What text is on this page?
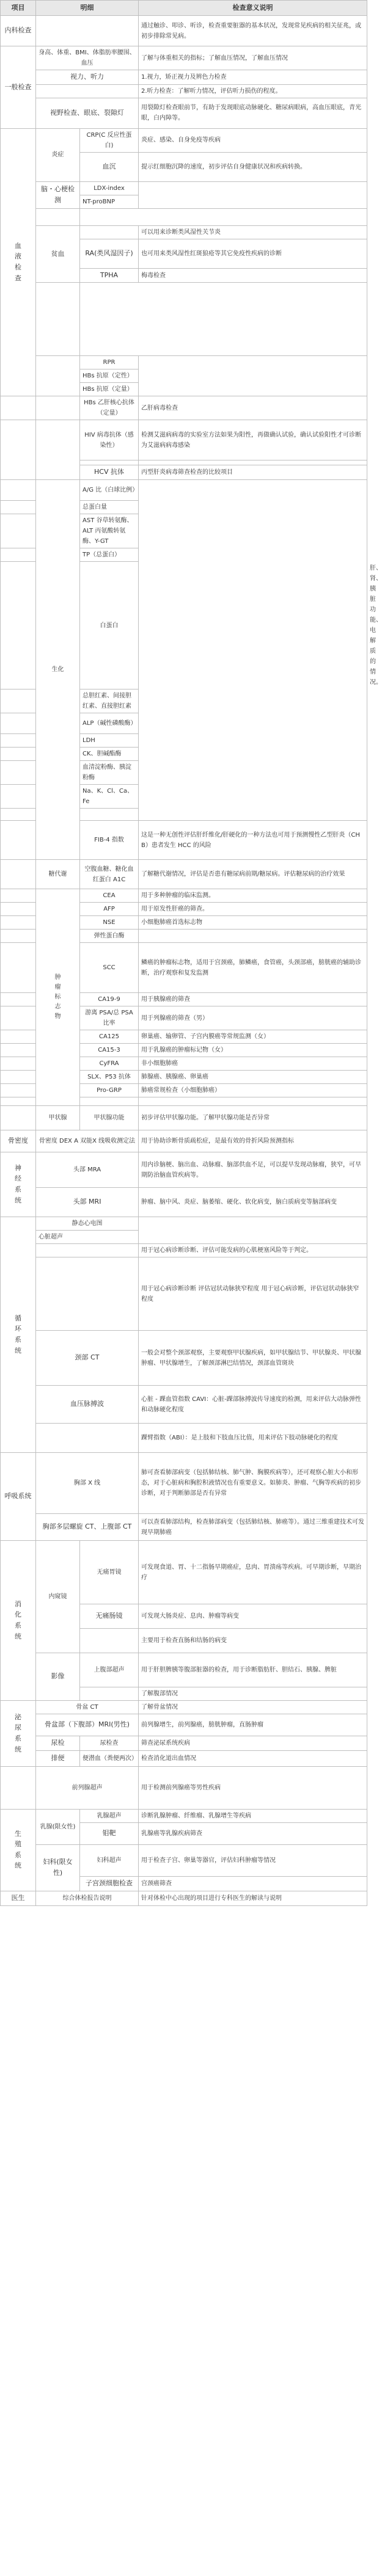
项目	明细		检查意义说明	
内科检查			通过触诊、叩诊、听诊，检查重要脏器的基本状况，发现常见疾病的相关征兆，或初步排除常见病。	
一般检查	身高、体重、BMI、体脂肪率腰围、血压		了解与体重相关的指标；了解血压情况，了解血压情况	
	视力、听力		1.视力，矫正视力及辨色力检查	
			2.听力检查：了解听力情况，评估听力损伤的程度。	
	视野检查、眼底、裂隙灯		用裂隙灯检查眼前节，有助于发现眼底动脉硬化、糖尿病眼病，高血压眼底，青光眼，白内障等。	
血液检查	炎症	CRP(C 反应性蛋白)	炎症、感染、自身免疫等疾病	
		血沉	提示红细胞沉降的速度，初步评估自身健康状况和疾病转换。	
	脑・心梗检测	LDX-index		
		NT-proBNP		

	贫血		可以用来诊断类风湿性关节炎	
		RA(类风湿因子)	也可用来类风湿性红斑狼疮等其它免疫性疾病的诊断	
		TPHA	梅毒检查	

		RPR		
		HBs 抗原（定性）		
		HBs 抗原（定量）		
		HBs 乙肝核心抗体（定量）	乙肝病毒检查	
		HIV 病毒抗体（感染性）	检测艾滋病病毒的实验室方法如果为阳性，再做确认试验，确认试验阳性才可诊断为艾滋病病毒感染	

		HCV 抗体	丙型肝炎病毒筛查检查的比较项目	
	生化	A/G 比（白球比例）		
		总蛋白量		
		AST 谷草转氨酶、ALT 丙氨酸转氨酶、Y-GT		
		TP（总蛋白）		
		白蛋白		肝、肾、胰脏功能、电解质的情况。
		总胆红素、间接胆红素、直接胆红素		
		ALP（碱性磷酸酶）		
		LDH		
		CK、胆碱酯酶		
		血清淀粉酶、胰淀粉酶		
		Na、K、Cl、Ca、Fe		

		FIB-4 指数	这是一种无创性评估肝纤维化/肝硬化的一种方法也可用于预测慢性乙型肝炎（CHB）患者发生 HCC 的风险	
	糖代谢	空腹血糖、糖化血红蛋白 A1C	了解糖代谢情况，评估是否患有糖尿病前期/糖尿病。评估糖尿病的治疗效果	
	肿瘤标志物	CEA	用于多种肿瘤的临床监测。	
		AFP	用于原发性肝癌的筛查。	
		NSE	小细胞肺癌首选标志物	
		弹性蛋白酶		
		SCC	鳞癌的肿瘤标志物，适用于宫颈癌，肺鳞癌，食管癌，头颈部癌，膀胱癌的辅助诊断，治疗观察和复发监测	
		CA19-9	用于胰腺癌的筛查	
		游离 PSA/总 PSA 比率	用于列腺癌的筛查（男）	
		CA125	卵巢癌、输卵管、子宫内膜癌等常规监测（女）	
		CA15-3	用于乳腺癌的肿瘤标记物（女）	
		CyFRA	非小细胞肺癌	
		SLX、P53 抗体	肺腺癌、胰腺癌、卵巢癌	
		Pro-GRP	肺癌常规检查（小细胞肺癌）	

	甲状腺	甲状腺功能	初步评估甲状腺功能。了解甲状腺功能是否异常	
骨密度	骨密度 DEX A 双能X 线吸收测定法		用于协助诊断骨质疏松症，是最有效的骨折风险预测指标	
神经系统	头部 MRA		用内诊脑梗、脑出血、动脉瘤、脑部供血不足，可以提早发现动脉瘤，狭窄，可早期防治脑血管疾病等。	
	头部 MRI		肿瘤、脑中风、炎症、脑萎缩、硬化、软化病变，脑白质病变等脑部病变	
循环系统	静态心电图			
	心脏超声			
			用于冠心病诊断诊断、评估可能发病的心肌梗塞风险等于判定。	
			用于冠心病诊断诊断 评估冠状动脉狭窄程度 用于冠心病诊断，评估冠状动脉狭窄程度	
	颈部 CT		一般会对整个颈部观察，主要观察甲状腺疾病，如甲状腺结节、甲状腺炎、甲状腺肿瘤、甲状腺增生，了解颈部淋巴结情况，颈部血管斑块	
	血压脉搏波		心脏 - 踝血管指数 CAVI：心脏-踝部脉搏波传导速度的检测，用来评估大动脉弹性和动脉硬化程度	
			踝臂指数（ABI）：是上肢和下肢血压比值，用来评估下肢动脉硬化的程度	
呼吸系统	胸部 X 线		肺可查看肺部病变（包括肺结核、肺气肿、胸膜疾病等），还可观察心脏大小和形态，对于心脏病和胸腔积液情况也有重要意义。如肺炎、肿瘤、气胸等疾病的初步诊断，对于判断肺部是否有异常	
	胸部多层螺旋 CT、上腹部 CT		可以查看肺部结构，检查肺部病变（包括肺结核、肺癌等）。通过三维重建技术可发现早期肺癌	
消化系统	内窥镜	无痛胃镜	可发现食道、胃、十二指肠早期癌症，息肉、胃溃疡等疾病。可早期诊断，早期治疗	
		无痛肠镜	可发现大肠炎症、息肉、肿瘤等病变	
			主要用于检查直肠和结肠的病变	
	影像	上腹部超声	用于肝胆脾胰等腹部脏器的检查，用于诊断脂肪肝、胆结石、胰腺、脾脏	
			了解腹部情况	
泌尿系统	骨盆 CT		了解骨盆情况	
	骨盆部（下腹部）MRI(男性)		前列腺增生，前列腺癌，膀胱肿瘤，直肠肿瘤	
	尿检	尿检查	筛查泌尿系统疾病	
	排便	便潜血（粪便两次）	检查消化道出血情况	
	前列腺超声		用于检测前列腺癌等男性疾病	
生殖系统	乳腺(限女性)	乳腺超声	诊断乳腺肿瘤、纤维瘤、乳腺增生等疾病	
		钼靶	乳腺癌等乳腺疾病筛查	
	妇科(限女性)	妇科超声	用于检查子宫、卵巢等器官，评估妇科肿瘤等情况	
		子宫颈细胞检查	宫颈癌筛查	
医生	综合体检报告说明		针对体检中心出现的项目进行专科医生的解读与说明	
